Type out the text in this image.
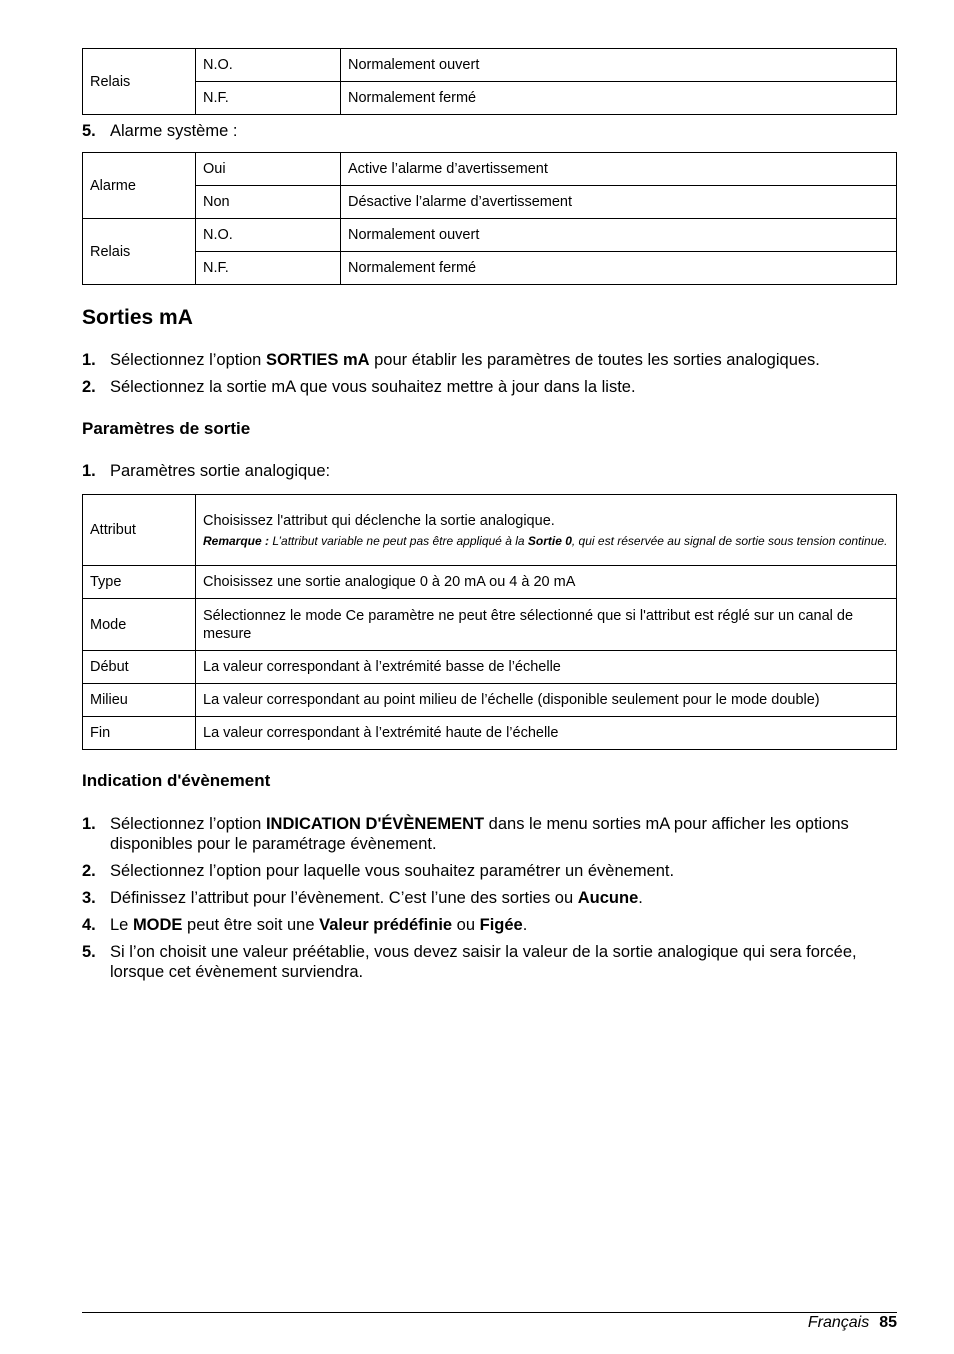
Relais	N.O.	Normalement ouvert
	N.F.	Normalement fermé
5. Alarme système :
Alarme	Oui	Active l’alarme d’avertissement
	Non	Désactive l’alarme d’avertissement
Relais	N.O.	Normalement ouvert
	N.F.	Normalement fermé
Sorties mA
1. Sélectionnez l’option SORTIES mA pour établir les paramètres de toutes les sorties analogiques.
2. Sélectionnez la sortie mA que vous souhaitez mettre à jour dans la liste.
Paramètres de sortie
1. Paramètres sortie analogique:
Attribut	Choisissez l'attribut qui déclenche la sortie analogique.
Remarque : L’attribut variable ne peut pas être appliqué à la Sortie 0, qui est réservée au signal de sortie sous tension continue.

Type	Choisissez une sortie analogique 0 à 20 mA ou 4 à 20 mA
Mode	Sélectionnez le mode Ce paramètre ne peut être sélectionné que si l'attribut est réglé sur un canal de mesure
Début	La valeur correspondant à l’extrémité basse de l’échelle
Milieu	La valeur correspondant au point milieu de l’échelle (disponible seulement pour le mode double)
Fin	La valeur correspondant à l’extrémité haute de l’échelle
Indication d'évènement
1. Sélectionnez l’option INDICATION D'ÉVÈNEMENT dans le menu sorties mA pour afficher les options disponibles pour le paramétrage évènement.
2. Sélectionnez l’option pour laquelle vous souhaitez paramétrer un évènement.
3. Définissez l’attribut pour l’évènement. C’est l’une des sorties ou Aucune.
4. Le MODE peut être soit une Valeur prédéfinie ou Figée.
5. Si l’on choisit une valeur préétablie, vous devez saisir la valeur de la sortie analogique qui sera forcée, lorsque cet évènement surviendra.
Français 85
